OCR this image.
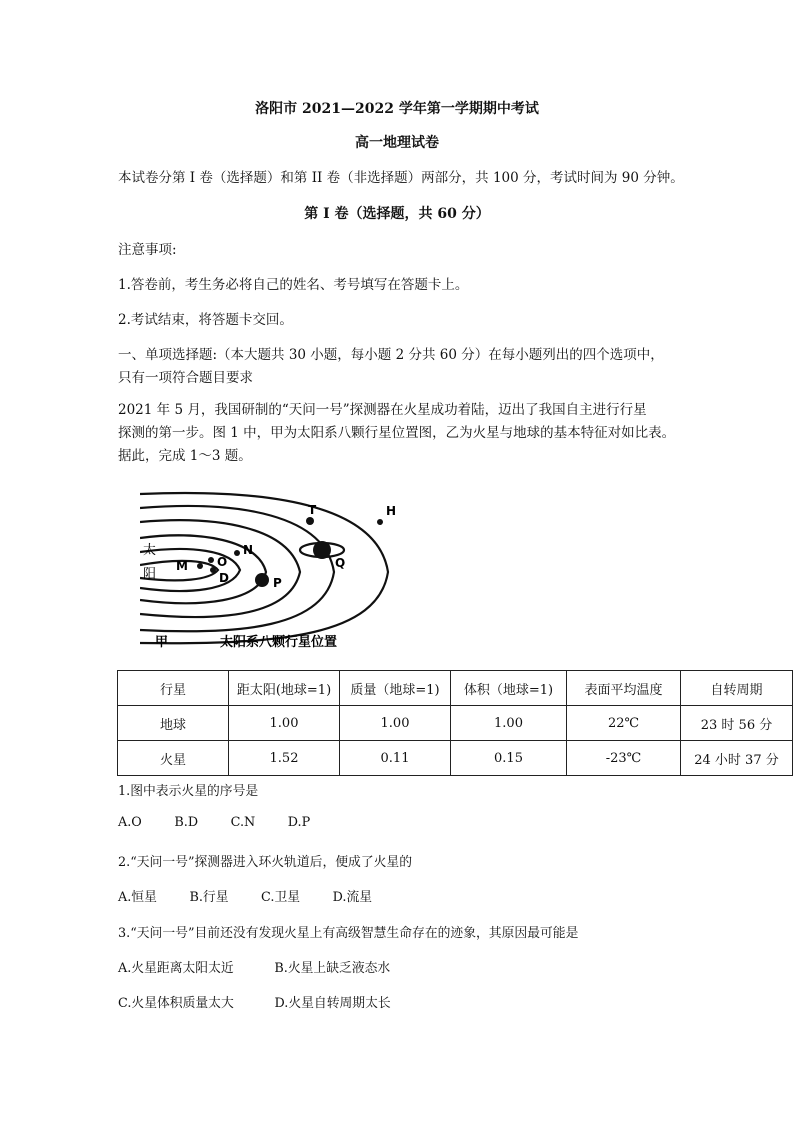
洛阳市 2021—2022 学年第一学期期中考试
高一地理试卷
本试卷分第 I 卷（选择题）和第 II 卷（非选择题）两部分，共 100 分，考试时间为 90 分钟。
第 I 卷（选择题，共 60 分）
注意事项:
1.答卷前，考生务必将自己的姓名、考号填写在答题卡上。
2.考试结束，将答题卡交回。
一、单项选择题:（本大题共 30 小题，每小题 2 分共 60 分）在每小题列出的四个选项中，
只有一项符合题目要求
2021 年 5 月，我国研制的“天问一号”探测器在火星成功着陆，迈出了我国自主进行行星
探测的第一步。图 1 中，甲为太阳系八颗行星位置图，乙为火星与地球的基本特征对如比表。
据此，完成 1～3 题。
太
阳
M O
D
N
P
T
Q
H
甲	太阳系八颗行星位置
行星	距太阳(地球=1)	质量（地球=1)	体积（地球=1)	表面平均温度	自转周期
地球	1.00	1.00	1.00	22℃	23 时 56 分
火星	1.52	0.11	0.15	-23℃	24 小时 37 分
1.图中表示火星的序号是
A.O        B.D        C.N        D.P
2.“天问一号”探测器进入环火轨道后，便成了火星的
A.恒星        B.行星        C.卫星        D.流星
3.“天问一号”目前还没有发现火星上有高级智慧生命存在的迹象，其原因最可能是
A.火星距离太阳太近          B.火星上缺乏液态水
C.火星体积质量太大          D.火星自转周期太长
